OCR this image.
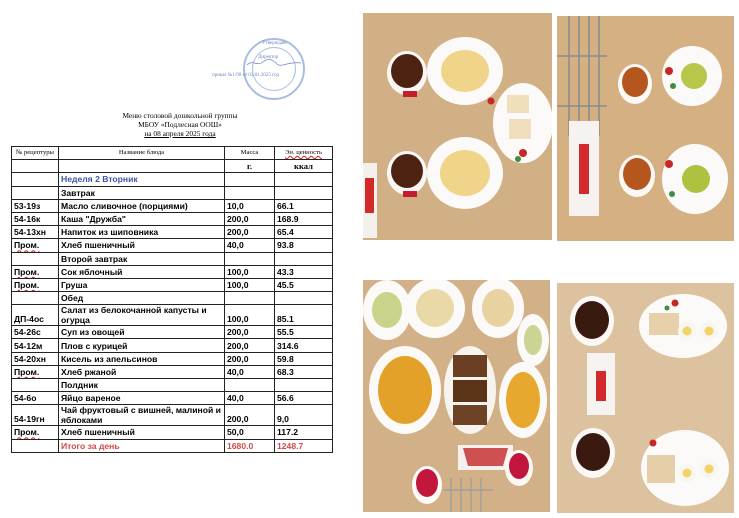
Утверждаю
Директор
приказ №1/90 от 03.01.2025 год
Меню столовой дошкольной группы
МБОУ «Подлесная ООШ»
на 08 апреля 2025 года
№ рецептуры	Название блюда	Масса	Эн. ценность
		г.	ккал
	Неделя 2 Вторник		
	Завтрак		
53-19з	Масло сливочное (порциями)	10,0	66.1
54-16к	Каша "Дружба"	200,0	168.9
54-13хн	Напиток из шиповника	200,0	65.4
Пром.	Хлеб пшеничный	40,0	93.8
	Второй завтрак		
Пром.	Сок яблочный	100,0	43.3
Пром.	Груша	100,0	45.5
	Обед		
ДП-4ос	Салат из белокочанной капусты и огурца	100,0	85.1
54-26с	Суп из овощей	200,0	55.5
54-12м	Плов с курицей	200,0	314.6
54-20хн	Кисель из апельсинов	200,0	59.8
Пром.	Хлеб ржаной	40,0	68.3
	Полдник		
54-6о	Яйцо вареное	40,0	56.6
54-19гн	Чай фруктовый с вишней, малиной и яблоками	200,0	9,0
Пром.	Хлеб пшеничный	50,0	117.2
	Итого за день	1680.0	1248.7
